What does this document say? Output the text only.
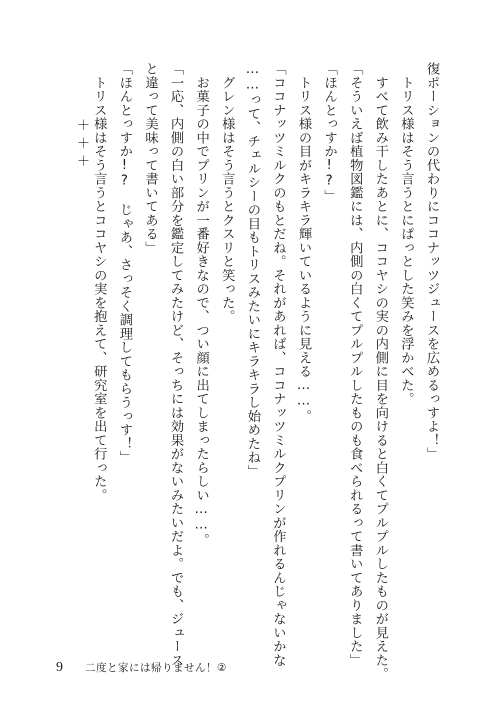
復ポーションの代わりにココナッツジュースを広めるっすよ！」
　トリス様はそう言うとにぱっとした笑みを浮かべた。
　すべて飲み干したあとに、ココヤシの実の内側に目を向けると白くてプルプルしたものが見えた。
「そういえば植物図鑑には、内側の白くてプルプルしたものも食べられるって書いてありました」
「ほんとっすか!?」
　トリス様の目がキラキラ輝いているように見える……。
「ココナッツミルクのもとだね。それがあれば、ココナッツミルクプリンが作れるんじゃないかな
……って、チェルシーの目もトリスみたいにキラキラし始めたね」
　グレン様はそう言うとクスリと笑った。
　お菓子の中でプリンが一番好きなので、つい顔に出てしまったらしい……。
「一応、内側の白い部分を鑑定してみたけど、そっちには効果がないみたいだよ。でも、ジュース
と違って美味って書いてある」
「ほんとっすか!?　じゃあ、さっそく調理してもらうっす！」
　トリス様はそう言うとココヤシの実を抱えて、研究室を出て行った。
＋＋＋
9 二度と家には帰りません！②
